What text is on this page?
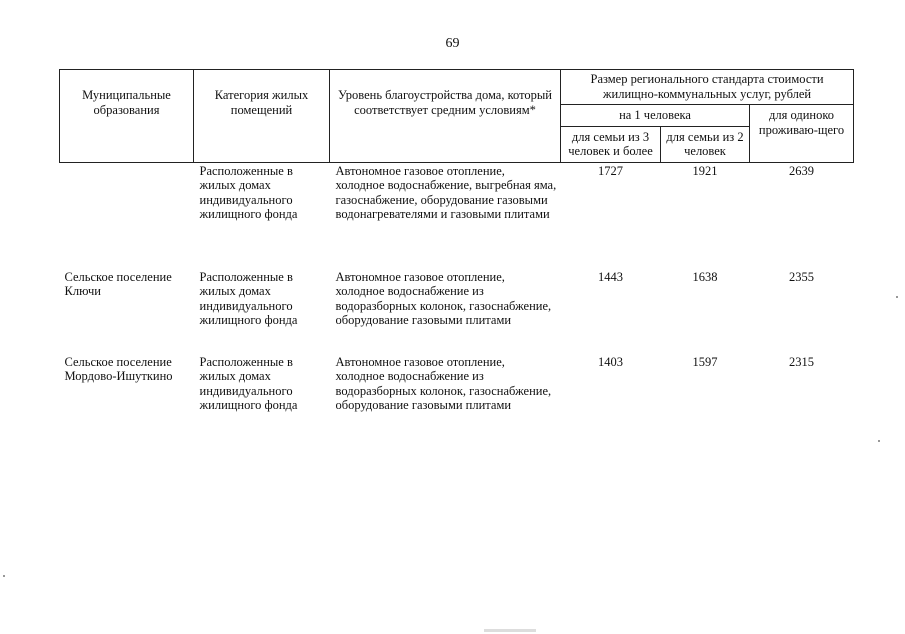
69
Муниципальные образования	Категория жилых помещений	Уровень благоустройства дома, который соответствует средним условиям*	Размер регионального стандарта стоимости жилищно-коммунальных услуг, рублей		
			на 1 человека		для одиноко проживаю-щего
			для семьи из 3 человек и более	для семьи из 2 человек	
	Расположенные в жилых домах индивидуального жилищного фонда	Автономное газовое отопление, холодное водоснабжение, выгребная яма, газоснабжение, оборудование газовыми водонагревателями и газовыми плитами	1727	1921	2639
Сельское поселение Ключи	Расположенные в жилых домах индивидуального жилищного фонда	Автономное газовое отопление, холодное водоснабжение из водоразборных колонок, газоснабжение, оборудование газовыми плитами	1443	1638	2355
Сельское поселение Мордово-Ишуткино	Расположенные в жилых домах индивидуального жилищного фонда	Автономное газовое отопление, холодное водоснабжение из водоразборных колонок, газоснабжение, оборудование газовыми плитами	1403	1597	2315
